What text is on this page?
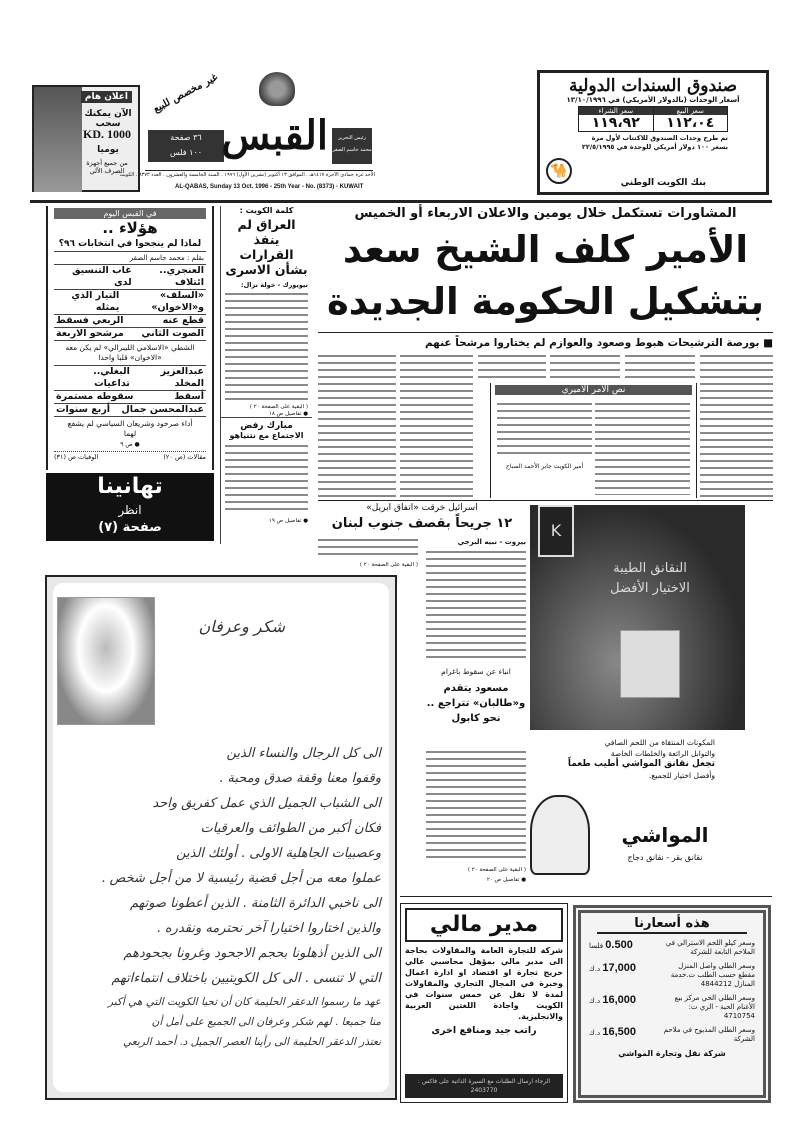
اعلان هام
الآن يمكنك سحب
KD. 1000
يوميا
من جميع أجهزة الصرف الآلي
غير مخصص للبيع
٣٦ صفحة
١٠٠ فلس القبس	رئيس التحرير
محمد جاسم الصقر
الأحد غرة جمادى الآخرة ١٤١٧هـ . الموافق ١٣ أكتوبر (تشرين الأول) ١٩٩٦ . السنة الخامسة والعشرون . العدد ٨٣٧٣ . الكويت
AL-QABAS, Sunday 13 Oct. 1996 - 25th Year - No. (8373) - KUWAIT
صندوق السندات الدولية
أسعار الوحدات (بالدولار الأمريكي) في ١٣/١٠/١٩٩٦
سعر البيع
١١٢،٠٤
سعر الشراء
١١٩،٩٢
تم طرح وحدات الصندوق للاكتتاب لأول مرة بسعر ١٠٠ دولار أمريكي للوحدة في ٢٢/٥/١٩٩٥
🐪
بنك الكويت الوطني
في القبس اليوم
هؤلاء ..
لماذا لم ينجحوا في انتخابات ٩٦؟
بقلم : محمد جاسم الصقر
العنجري.. ائتلاف
غاب التنسيق لدى
«السلف» و«الاخوان»
التيار الذي يمثله
قطع عنه
الربعي فسقط
الصوت الثاني
مرشحو الاربعة
الشطي «الاسلامي الليبرالي» لم يكن معه «الاخوان» قلبا واحدا
عبدالعزيز المخلد
البغلي.. تداعيات
أسقط
سقوطه مستمرة
عبدالمحسن جمال
أربع سنوات
أداء صرخود وشريعان السياسي لم يشفع لهما
● ص ٩
مقالات (ص ٢٠)
الوفيات ص (٣١)
تهانينا
انظر
صفحة (٧)
كلمة الكويت :
العراق لم ينفذ القرارات بشأن الاسرى
نيويورك - خولة نزال:
( البقية على الصفحة ٢٠ )
● تفاصيل ص ١٨
مبارك رفض
الاجتماع مع نتنياهو
● تفاصيل ص ١٩
المشاورات تستكمل خلال يومين والاعلان الاربعاء أو الخميس
الأمير كلف الشيخ سعد
بتشكيل الحكومة الجديدة
■ بورصة الترشيحات هبوط وصعود والعوازم لم يختاروا مرشحاً عنهم
نص الأمر الأميري
أمير الكويت جابر الأحمد الصباح
اسرائيل خرقت «اتفاق ابريل»
١٢ جريحاً بقصف جنوب لبنان
( البقية على الصفحة ٢٠ )
بيروت - نبيه البرجي
انباء عن سقوط باغرام
مسعود يتقدم و«طالبان» تتراجع .. نحو كابول
( البقية على الصفحة ٢٠ )
● تفاصيل ص ٢٠
K
النقانق الطيبة
الاختيار الأفضل
المكونات المنتقاة من اللحم الصافي
والتوابل الرائعة والخلطات الخاصة
تجعل نقانق المواشي أطيب طعماً
وأفضل اختيار للجميع.
المواشي
نقانق بقر - نقانق دجاج
شكر وعرفان
الى كل الرجال والنساء الذين
وقفوا معنا وقفة صدق ومحبة .
الى الشباب الجميل الذي عمل كفريق واحد
فكان أكبر من الطوائف والعرقيات
وعصبيات الجاهلية الاولى . أولئك الذين
عملوا معه من أجل قضية رئيسية لا من أجل شخص .
الى ناخبي الدائرة الثامنة . الذين أعطونا صوتهم
والذين اختاروا اختيارا آخر نحترمه ونقدره .
الى الذين أذهلونا بحجم الاجحود وغرونا بجحودهم
التي لا تنسى . الى كل الكويتيين باختلاف انتماءاتهم
عهد ما رسموا الدعقر الحليمة كان أن تحيا الكويت التي هي أكبر
منا جميعا . لهم شكر وعرفان الى الجميع على أمل أن
نعتذر الدعقر الحليمة الى رأينا العصر الجميل د. أحمد الربعي
مدير مالي
شركة للتجارة العامة والمقاولات بحاجة الى مدير مالي بمؤهل محاسبي عالي خريج تجارة او اقتصاد او ادارة اعمال وخبرة في المجال التجاري والمقاولات لمدة لا تقل عن خمس سنوات في الكويت واجادة اللغتين العربية والانجليزية.
راتب جيد ومنافع اخرى
الرجاء ارسال الطلبات مع السيرة الذاتية على فاكس : 2403770
هذه أسعارنا
وسعر كيلو اللحم الاسترالي في الملاحم التابعة للشركة
0.500 فلسا
وسعر الطلي واصل المنزل مقطع حسب الطلب ت.خدمة المنازل 4844212
17,000 د.ك
وسعر الطلي الحي مركز بيع الأغنام الحية - الري ت: 4710754
16,000 د.ك
وسعر الطلي المذبوح في ملاحم الشركة
16,500 د.ك
شركة نقل وتجارة المواشي
